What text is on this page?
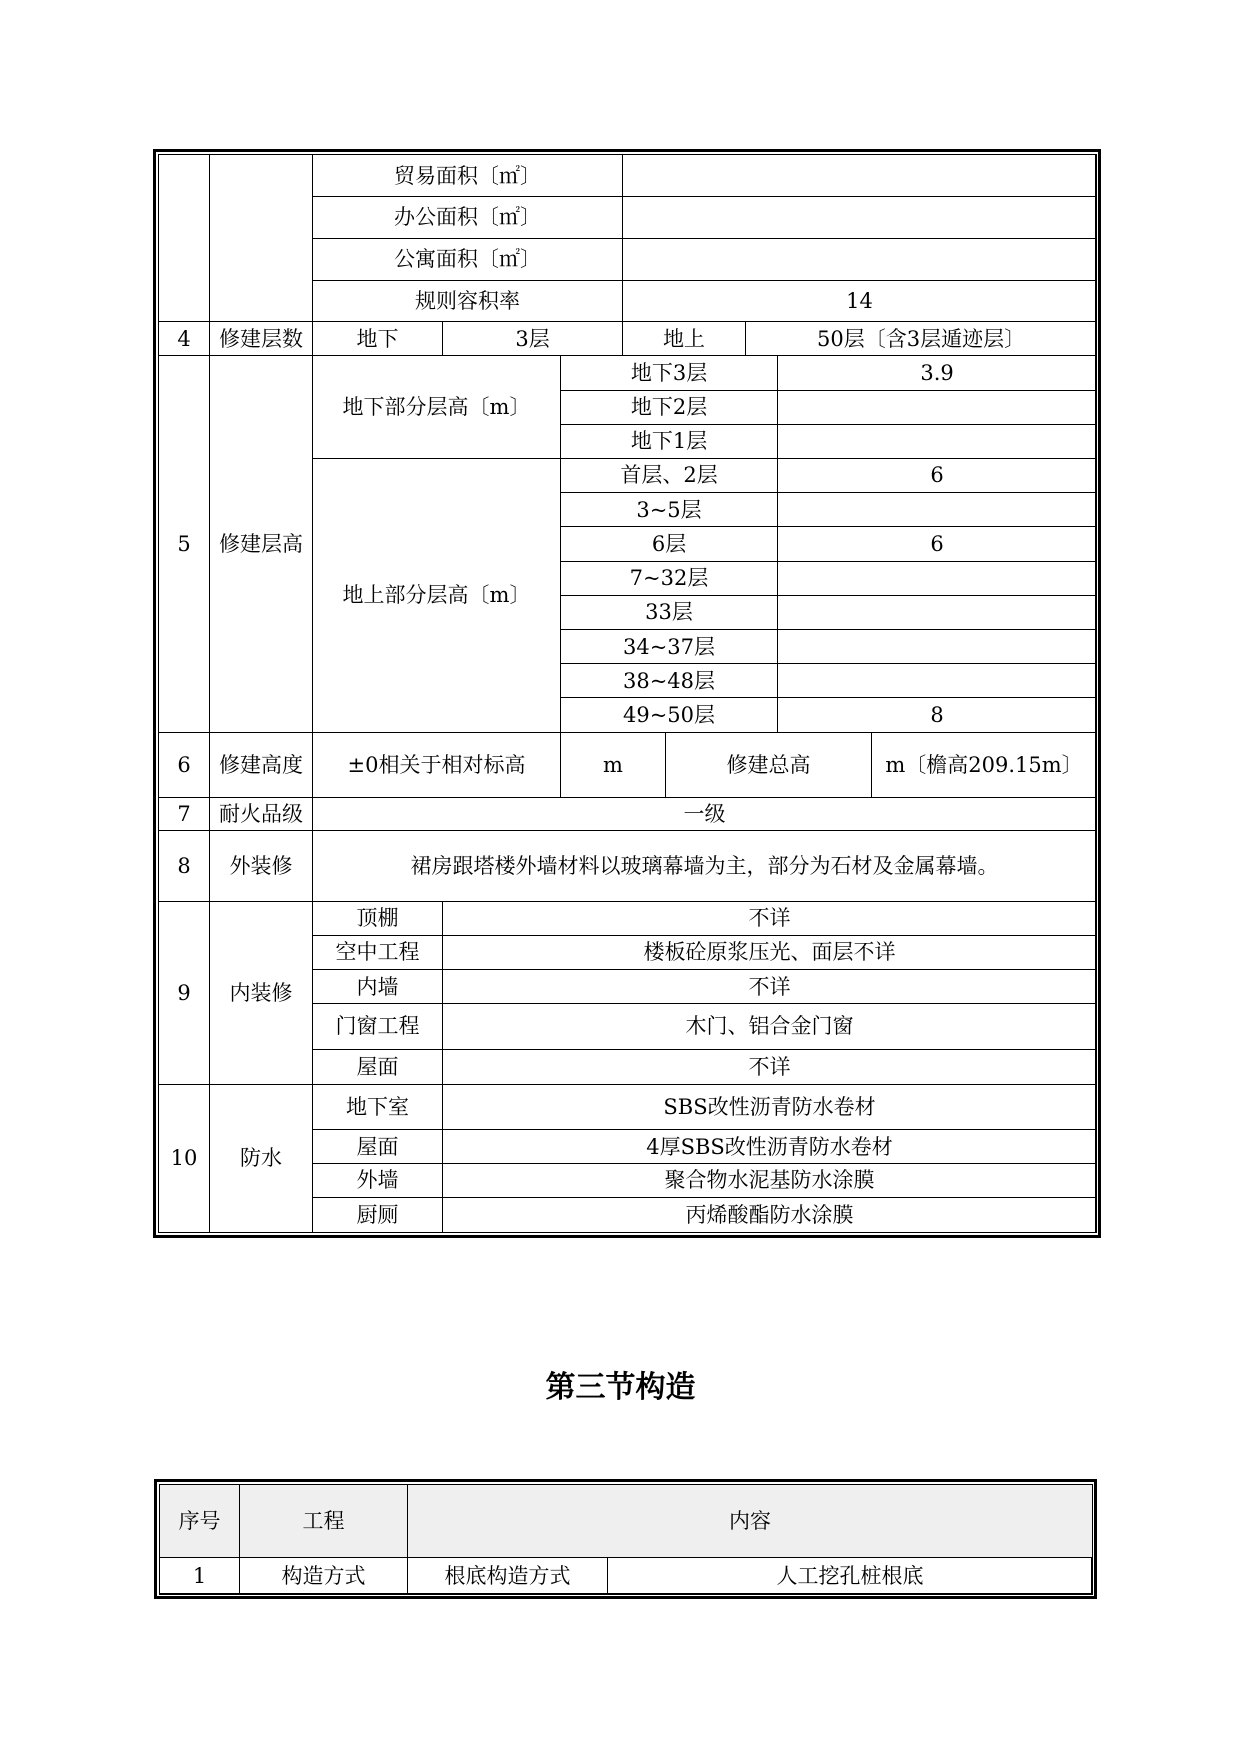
		贸易面积〔㎡〕							
		办公面积〔㎡〕							
		公寓面积〔㎡〕							
		规则容积率			14				
4	修建层数	地下	3层		地上		50层〔含3层遁迹层〕		
5	修建层高	地下部分层高〔m〕		地下3层				3.9	
				地下2层					
				地下1层					
		地上部分层高〔m〕		首层、2层				6	
				3~5层					
				6层				6	
				7~32层					
				33层					
				34~37层					
				38~48层					
				49~50层				8	
6	修建高度	±0相关于相对标高		m		修建总高			m〔檐高209.15m〕
7	耐火品级	一级							
8	外装修	裙房跟塔楼外墙材料以玻璃幕墙为主，部分为石材及金属幕墙。							
9	内装修	顶棚	不详						
		空中工程	楼板砼原浆压光、面层不详						
		内墙	不详						
		门窗工程	木门、铝合金门窗						
		屋面	不详						
10	防水	地下室	SBS改性沥青防水卷材						
		屋面	4厚SBS改性沥青防水卷材						
		外墙	聚合物水泥基防水涂膜						
		厨厕	丙烯酸酯防水涂膜						
第三节构造
序号	工程	内容	
1	构造方式	根底构造方式	人工挖孔桩根底
